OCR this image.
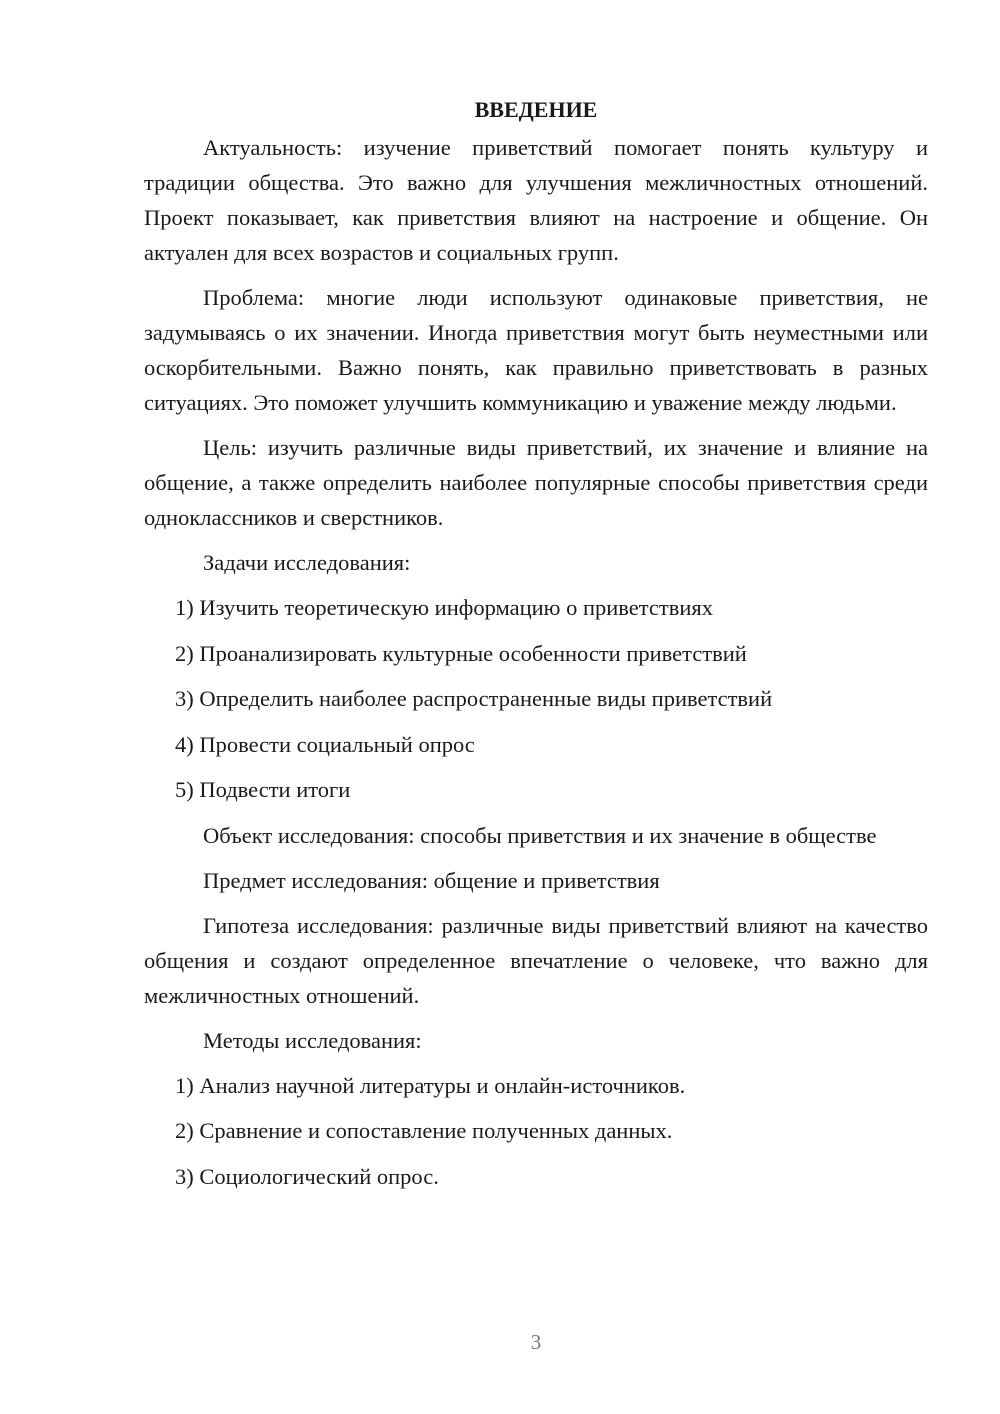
ВВЕДЕНИЕ

Актуальность: изучение приветствий помогает понять культуру и традиции общества. Это важно для улучшения межличностных отношений. Проект показывает, как приветствия влияют на настроение и общение. Он актуален для всех возрастов и социальных групп.

Проблема: многие люди используют одинаковые приветствия, не задумываясь о их значении. Иногда приветствия могут быть неуместными или оскорбительными. Важно понять, как правильно приветствовать в разных ситуациях. Это поможет улучшить коммуникацию и уважение между людьми.

Цель: изучить различные виды приветствий, их значение и влияние на общение, а также определить наиболее популярные способы приветствия среди одноклассников и сверстников.

Задачи исследования:

1) Изучить теоретическую информацию о приветствиях
2) Проанализировать культурные особенности приветствий
3) Определить наиболее распространенные виды приветствий
4) Провести социальный опрос
5) Подвести итоги

Объект исследования: способы приветствия и их значение в обществе

Предмет исследования: общение и приветствия

Гипотеза исследования: различные виды приветствий влияют на качество общения и создают определенное впечатление о человеке, что важно для межличностных отношений.

Методы исследования:

1) Анализ научной литературы и онлайн-источников.
2) Сравнение и сопоставление полученных данных.
3) Социологический опрос.
3
